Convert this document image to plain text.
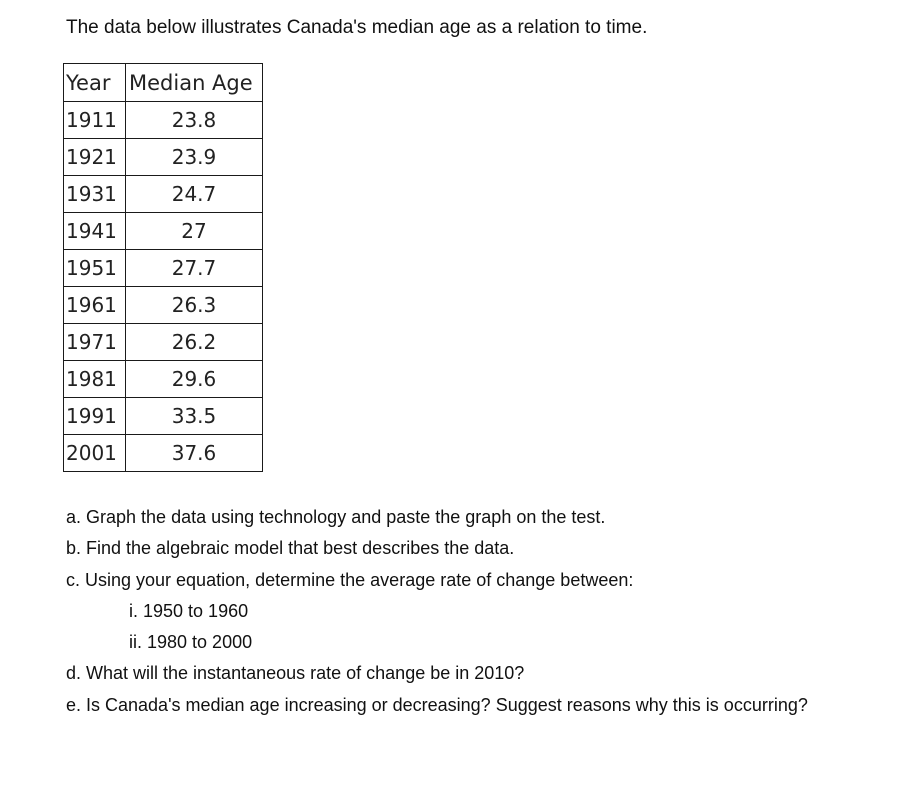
The data below illustrates Canada's median age as a relation to time.
Year	Median Age
1911	23.8
1921	23.9
1931	24.7
1941	27
1951	27.7
1961	26.3
1971	26.2
1981	29.6
1991	33.5
2001	37.6

a. Graph the data using technology and paste the graph on the test.

b. Find the algebraic model that best describes the data.

c. Using your equation, determine the average rate of change between:

i. 1950 to 1960

ii. 1980 to 2000

d. What will the instantaneous rate of change be in 2010?

e. Is Canada's median age increasing or decreasing? Suggest reasons why this is occurring?
